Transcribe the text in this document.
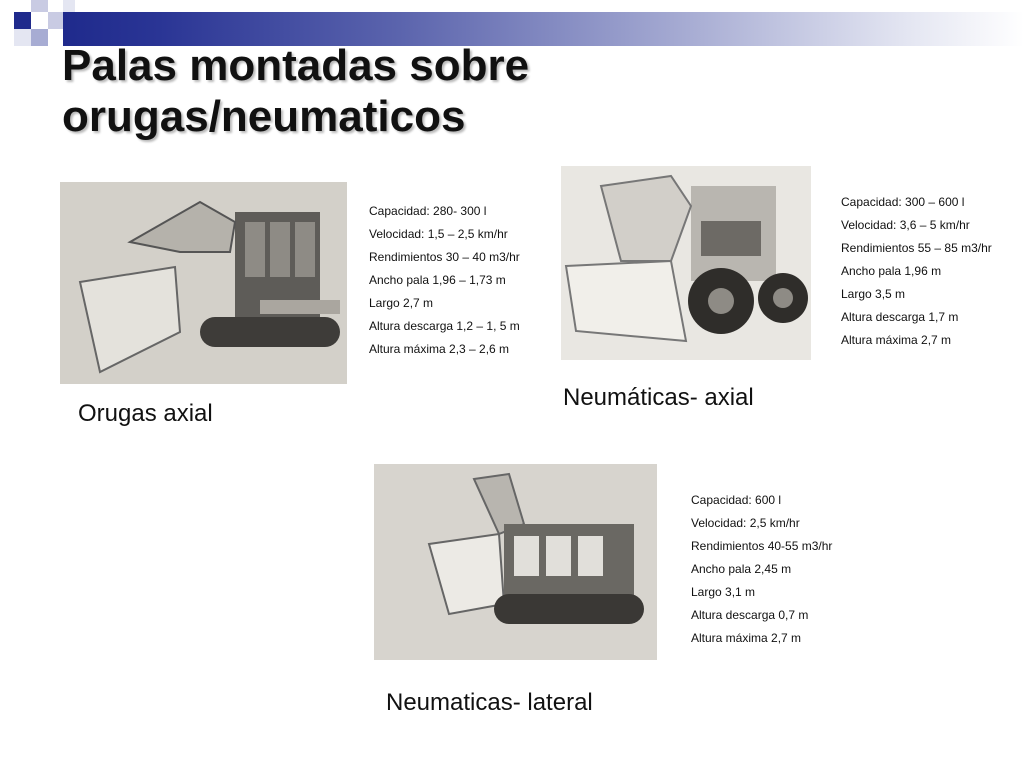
Palas montadas sobre
orugas/neumaticos
Capacidad: 280- 300 l
Velocidad: 1,5 – 2,5 km/hr
Rendimientos 30 – 40 m3/hr
Ancho pala 1,96 – 1,73 m
Largo 2,7 m
Altura descarga 1,2 – 1, 5 m
Altura máxima 2,3 – 2,6 m
Orugas axial
Capacidad: 300 – 600 l
Velocidad: 3,6 – 5 km/hr
Rendimientos 55 – 85 m3/hr
Ancho pala 1,96 m
Largo 3,5 m
Altura descarga 1,7 m
Altura máxima 2,7 m
Neumáticas- axial
Capacidad: 600 l
Velocidad: 2,5 km/hr
Rendimientos 40-55 m3/hr
Ancho pala 2,45 m
Largo 3,1 m
Altura descarga 0,7 m
Altura máxima 2,7 m
Neumaticas- lateral
